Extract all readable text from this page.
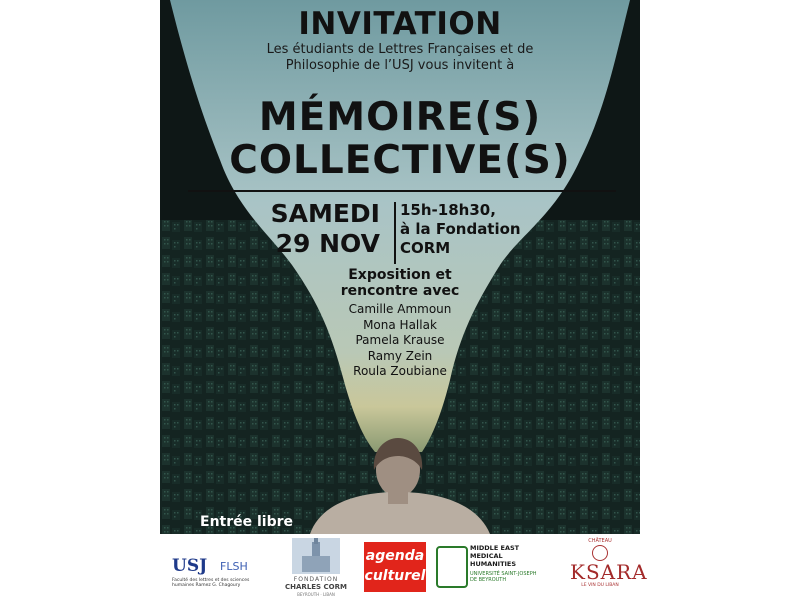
INVITATION
Les étudiants de Lettres Françaises et de
Philosophie de l’USJ vous invitent à
MÉMOIRE(S)
COLLECTIVE(S)
SAMEDI
29 NOV
15h-18h30,
à la Fondation
CORM
Exposition et
rencontre avec
Camille Ammoun
Mona Hallak
Pamela Krause
Ramy Zein
Roula Zoubiane
Entrée libre
USJ FLSH
Faculté des lettres et des sciences humaines Ramez G. Chagoury
FONDATION
CHARLES CORM
BEYROUTH · LIBAN
agenda
culturel
MIDDLE EAST
MEDICAL
HUMANITIES
UNIVERSITÉ SAINT-JOSEPH
DE BEYROUTH
CHÂTEAU
KSARA
LE VIN DU LIBAN
